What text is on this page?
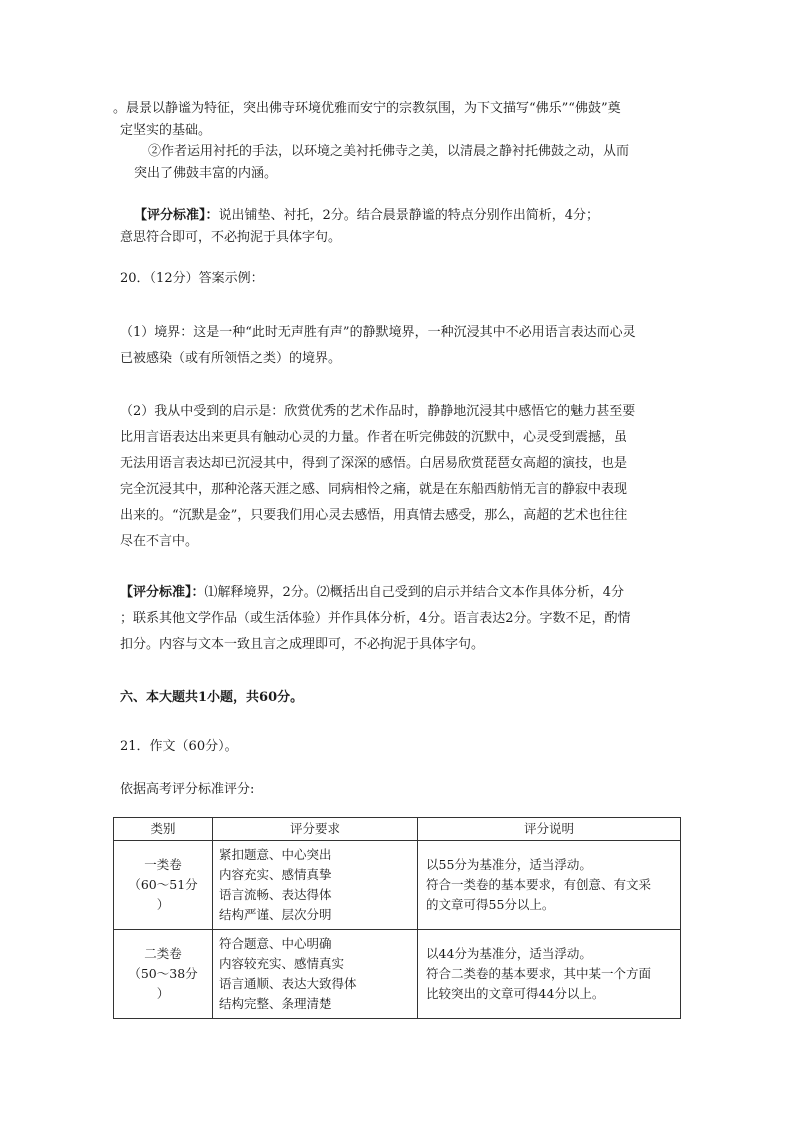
。晨景以静谧为特征，突出佛寺环境优雅而安宁的宗教氛围，为下文描写“佛乐”“佛鼓”奠
定坚实的基础。
②作者运用衬托的手法，以环境之美衬托佛寺之美，以清晨之静衬托佛鼓之动，从而
突出了佛鼓丰富的内涵。
【评分标准】：说出铺垫、衬托，2分。结合晨景静谧的特点分别作出简析，4分；
意思符合即可，不必拘泥于具体字句。
20．（12分）答案示例：
（1）境界：这是一种“此时无声胜有声”的静默境界，一种沉浸其中不必用语言表达而心灵
已被感染（或有所领悟之类）的境界。
（2）我从中受到的启示是：欣赏优秀的艺术作品时，静静地沉浸其中感悟它的魅力甚至要
比用言语表达出来更具有触动心灵的力量。作者在听完佛鼓的沉默中，心灵受到震撼，虽
无法用语言表达却已沉浸其中，得到了深深的感悟。白居易欣赏琵琶女高超的演技，也是
完全沉浸其中，那种沦落天涯之感、同病相怜之痛，就是在东船西舫悄无言的静寂中表现
出来的。“沉默是金”，只要我们用心灵去感悟，用真情去感受，那么，高超的艺术也往往
尽在不言中。
【评分标准】：⑴解释境界，2分。⑵概括出自己受到的启示并结合文本作具体分析，4分
；联系其他文学作品（或生活体验）并作具体分析，4分。语言表达2分。字数不足，酌情
扣分。内容与文本一致且言之成理即可，不必拘泥于具体字句。
六、本大题共1小题，共60分。
21．作文（60分）。
依据高考评分标准评分:
类别	评分要求	评分说明

一类卷
（60～51分
）	紧扣题意、中心突出
内容充实、感情真挚
语言流畅、表达得体
结构严谨、层次分明	以55分为基准分，适当浮动。
符合一类卷的基本要求，有创意、有文采
的文章可得55分以上。

二类卷
（50～38分
）	符合题意、中心明确
内容较充实、感情真实
语言通顺、表达大致得体
结构完整、条理清楚	以44分为基准分，适当浮动。
符合二类卷的基本要求，其中某一个方面
比较突出的文章可得44分以上。
